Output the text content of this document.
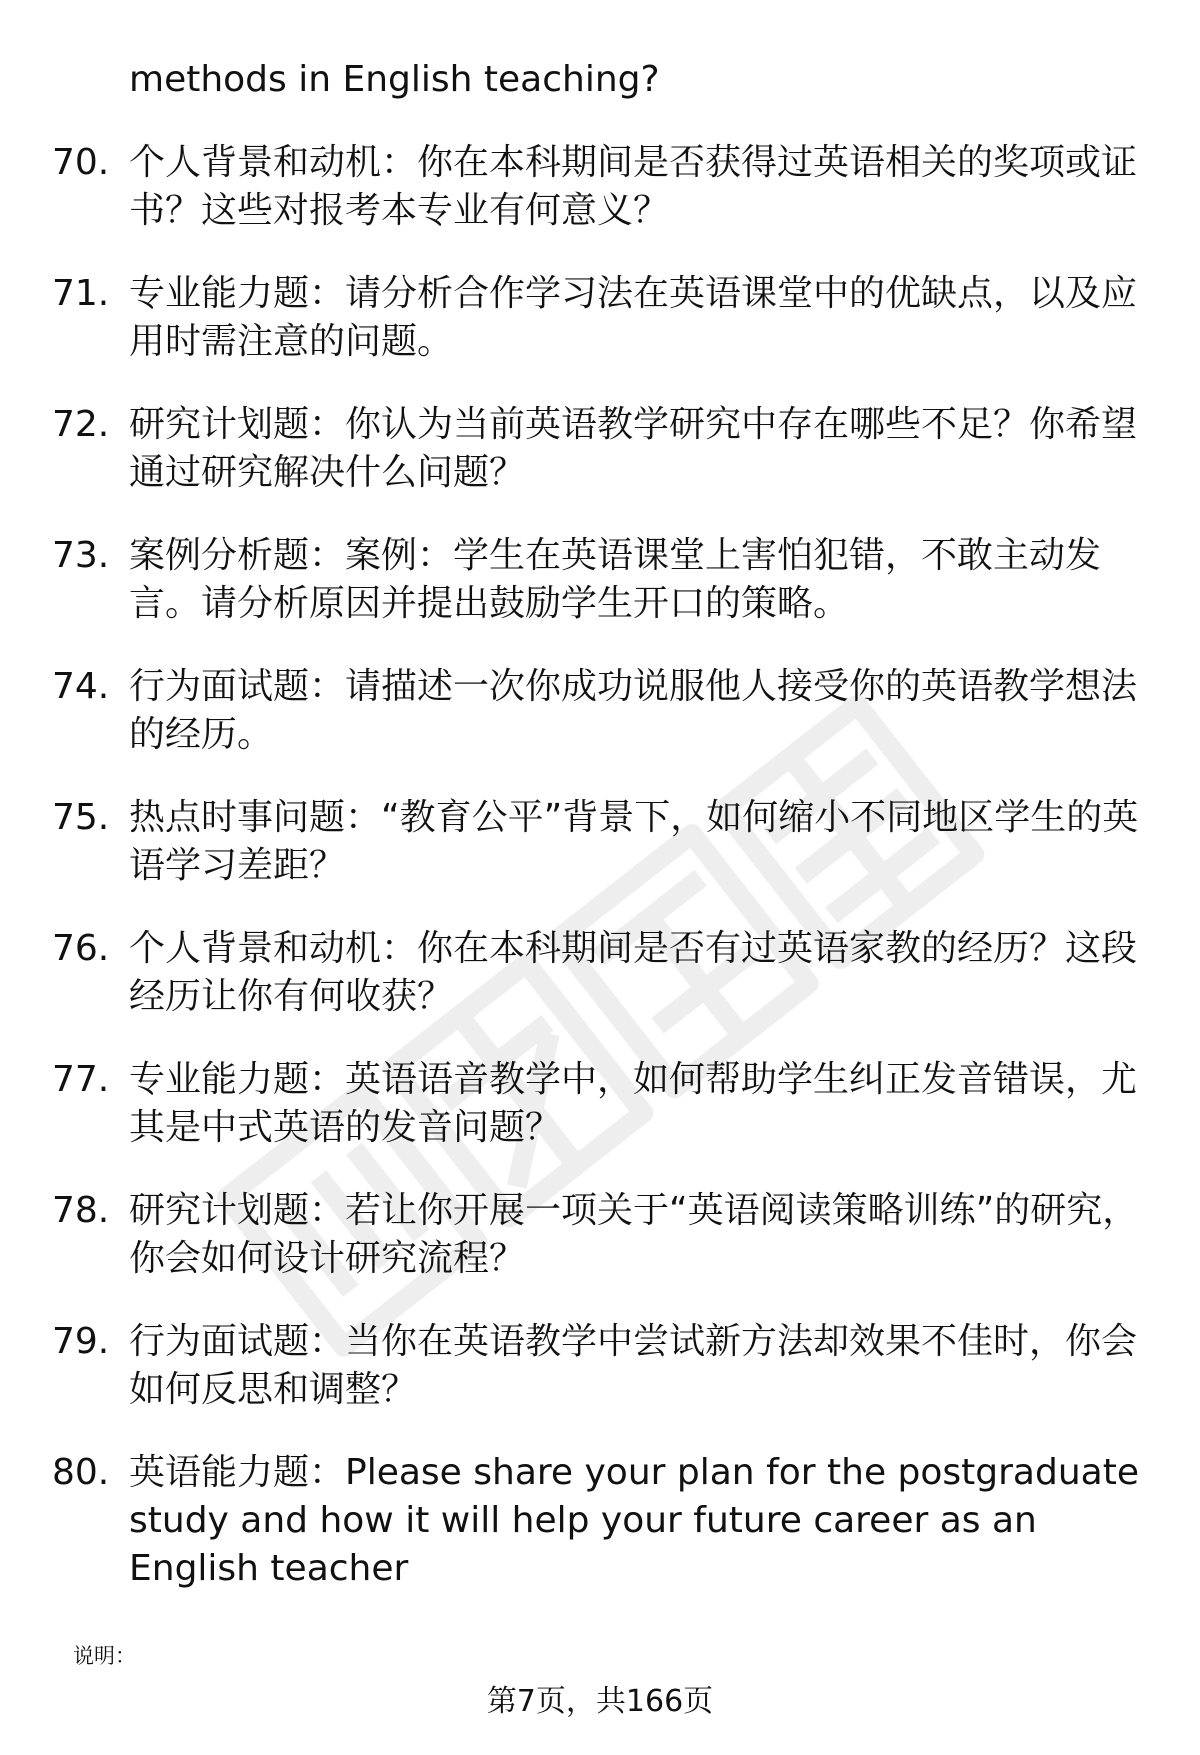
methods in English teaching?

70. 个人背景和动机：你在本科期间是否获得过英语相关的奖项或证书？这些对报考本专业有何意义？
71. 专业能力题：请分析合作学习法在英语课堂中的优缺点，以及应用时需注意的问题。
72. 研究计划题：你认为当前英语教学研究中存在哪些不足？你希望通过研究解决什么问题？
73. 案例分析题：案例：学生在英语课堂上害怕犯错，不敢主动发言。请分析原因并提出鼓励学生开口的策略。
74. 行为面试题：请描述一次你成功说服他人接受你的英语教学想法的经历。
75. 热点时事问题：“教育公平”背景下，如何缩小不同地区学生的英语学习差距？
76. 个人背景和动机：你在本科期间是否有过英语家教的经历？这段经历让你有何收获？
77. 专业能力题：英语语音教学中，如何帮助学生纠正发音错误，尤其是中式英语的发音问题？
78. 研究计划题：若让你开展一项关于“英语阅读策略训练”的研究，你会如何设计研究流程？
79. 行为面试题：当你在英语教学中尝试新方法却效果不佳时，你会如何反思和调整？
80. 英语能力题：Please share your plan for the postgraduate study and how it will help your future career as an English teacher
说明：
第7页，共166页
